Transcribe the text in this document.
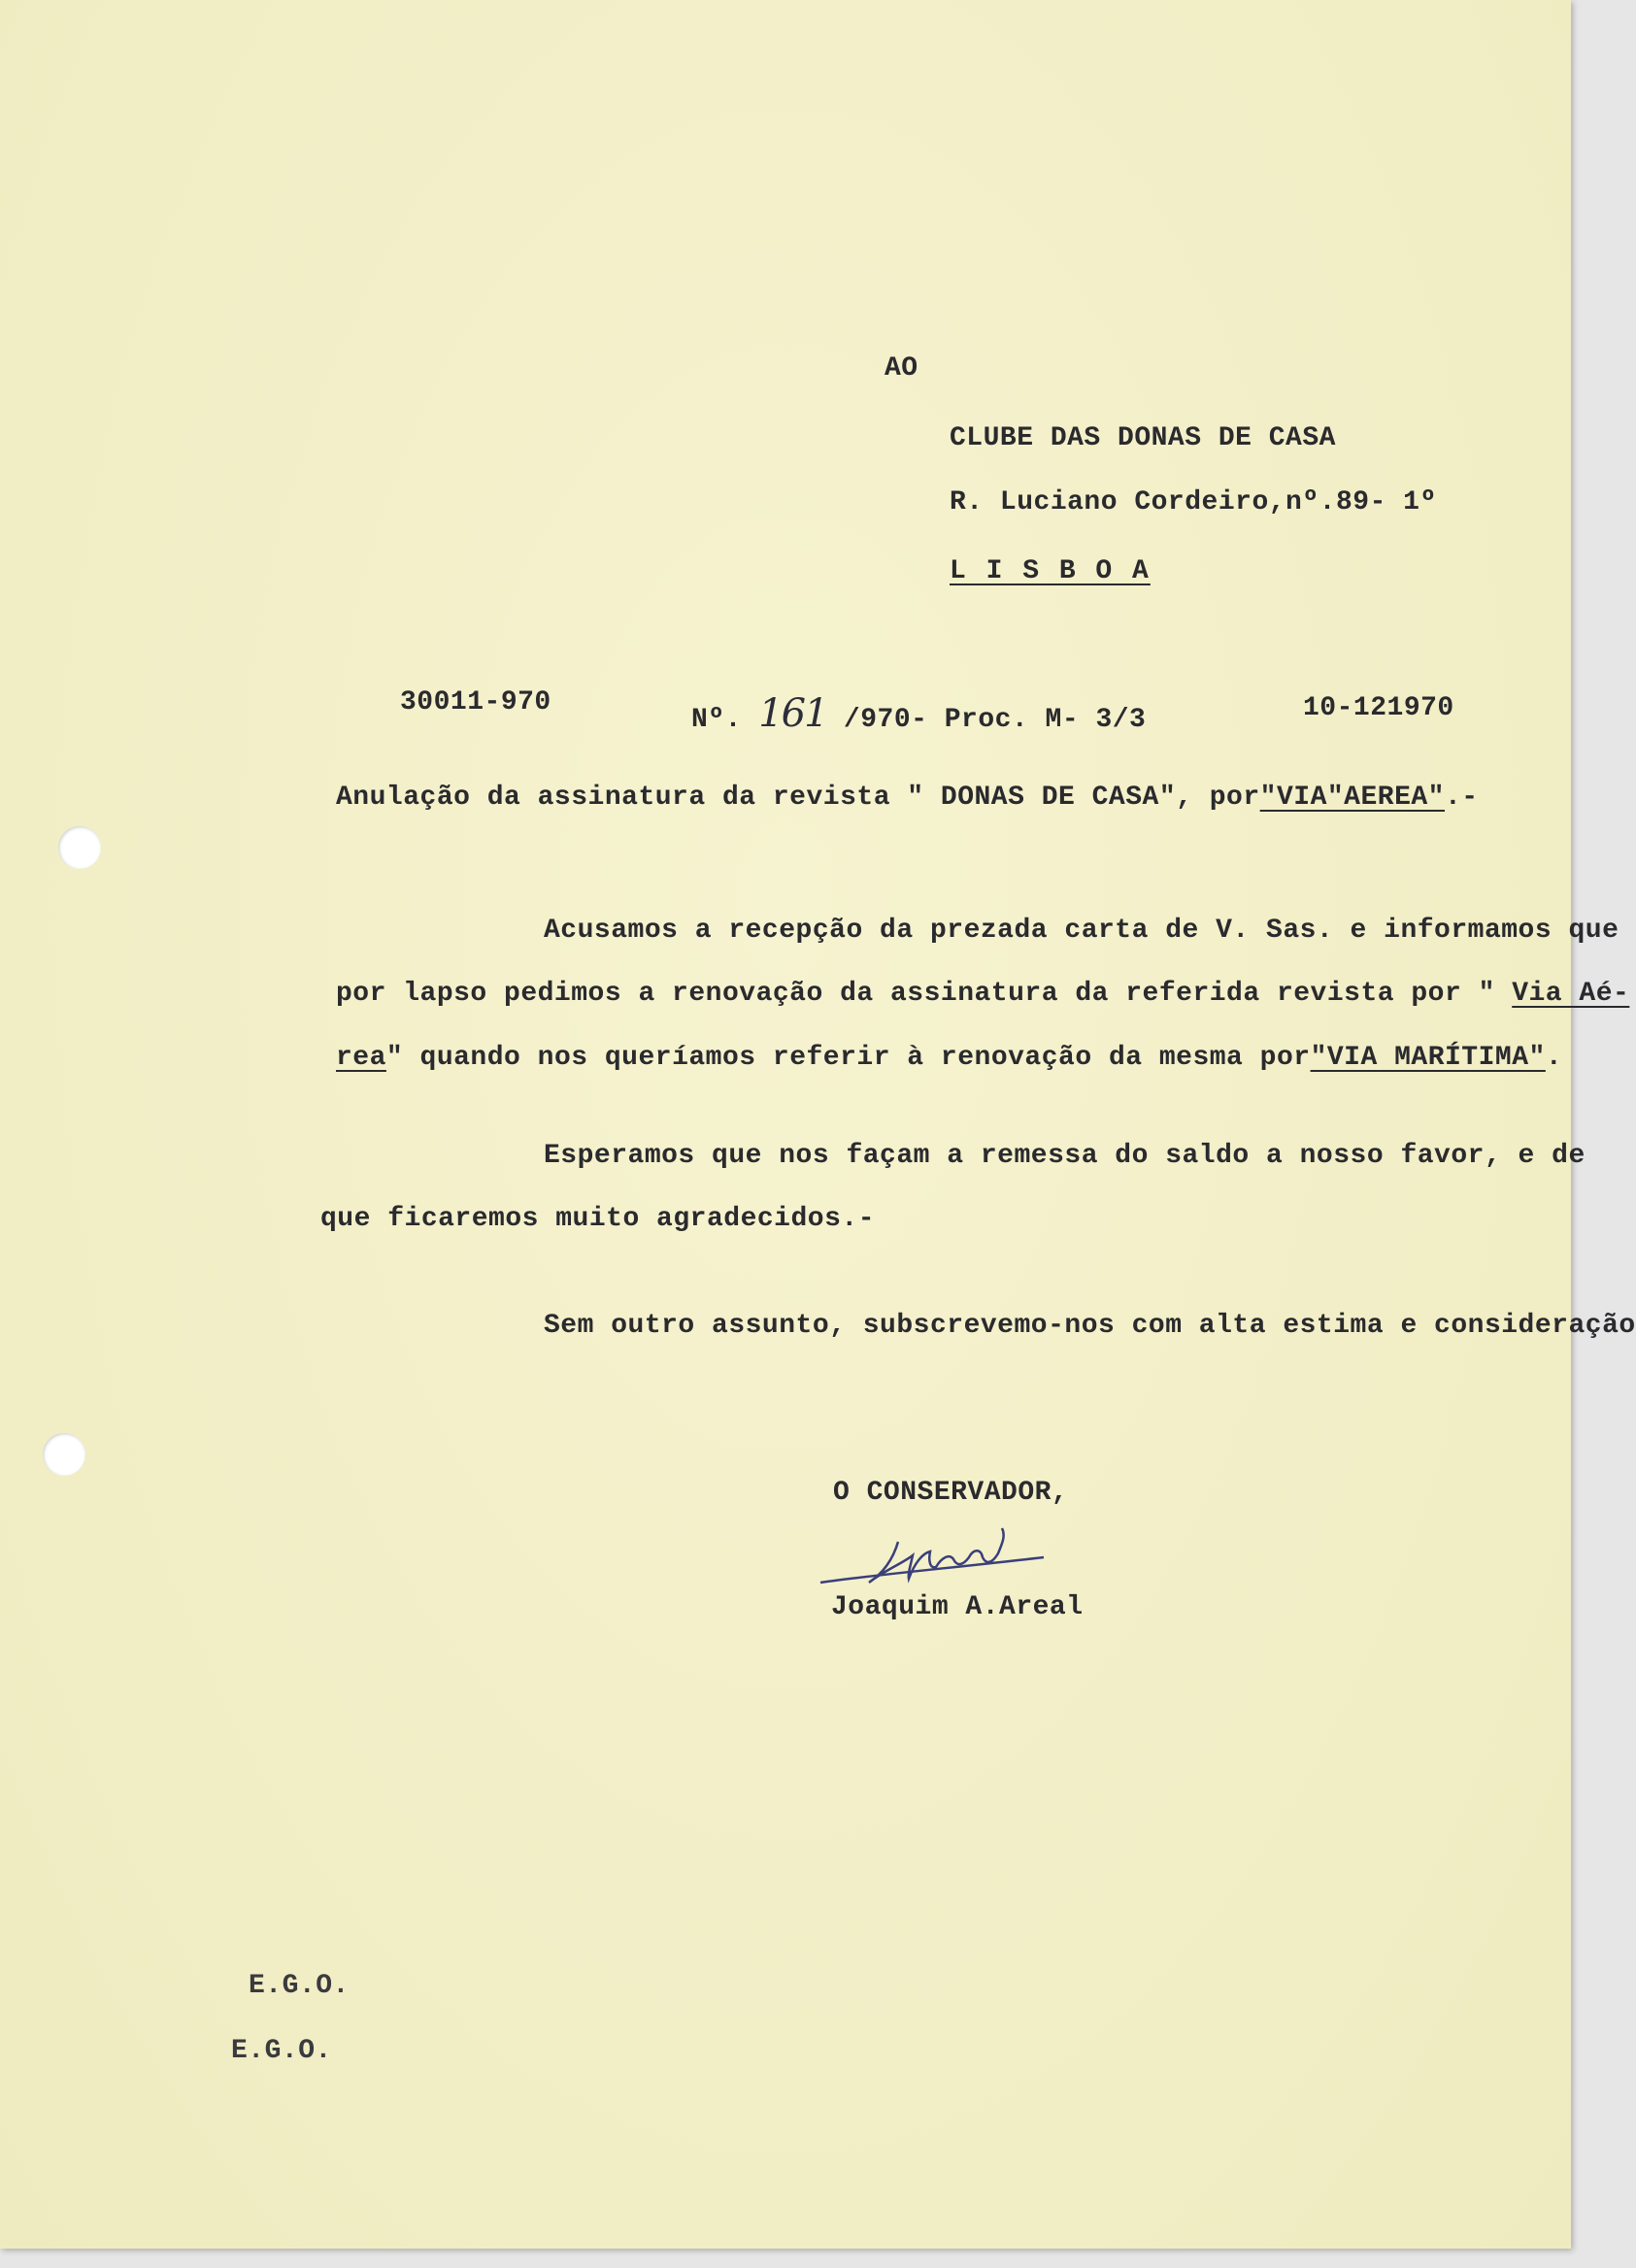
AO
CLUBE DAS DONAS DE CASA
R. Luciano Cordeiro,nº.89- 1º
L I S B O A
30011-970
Nº. 161 /970- Proc. M- 3/3	10-121970
Anulação da assinatura da revista " DONAS DE CASA", por"VIA"AEREA".-
Acusamos a recepção da prezada carta de V. Sas. e informamos que
por lapso pedimos a renovação da assinatura da referida revista por " Via Aé-
rea" quando nos queríamos referir à renovação da mesma por"VIA MARÍTIMA".
Esperamos que nos façam a remessa do saldo a nosso favor, e de
que ficaremos muito agradecidos.-
Sem outro assunto, subscrevemo-nos com alta estima e consideração
O CONSERVADOR,
Joaquim A.Areal
E.G.O.
E.G.O.
